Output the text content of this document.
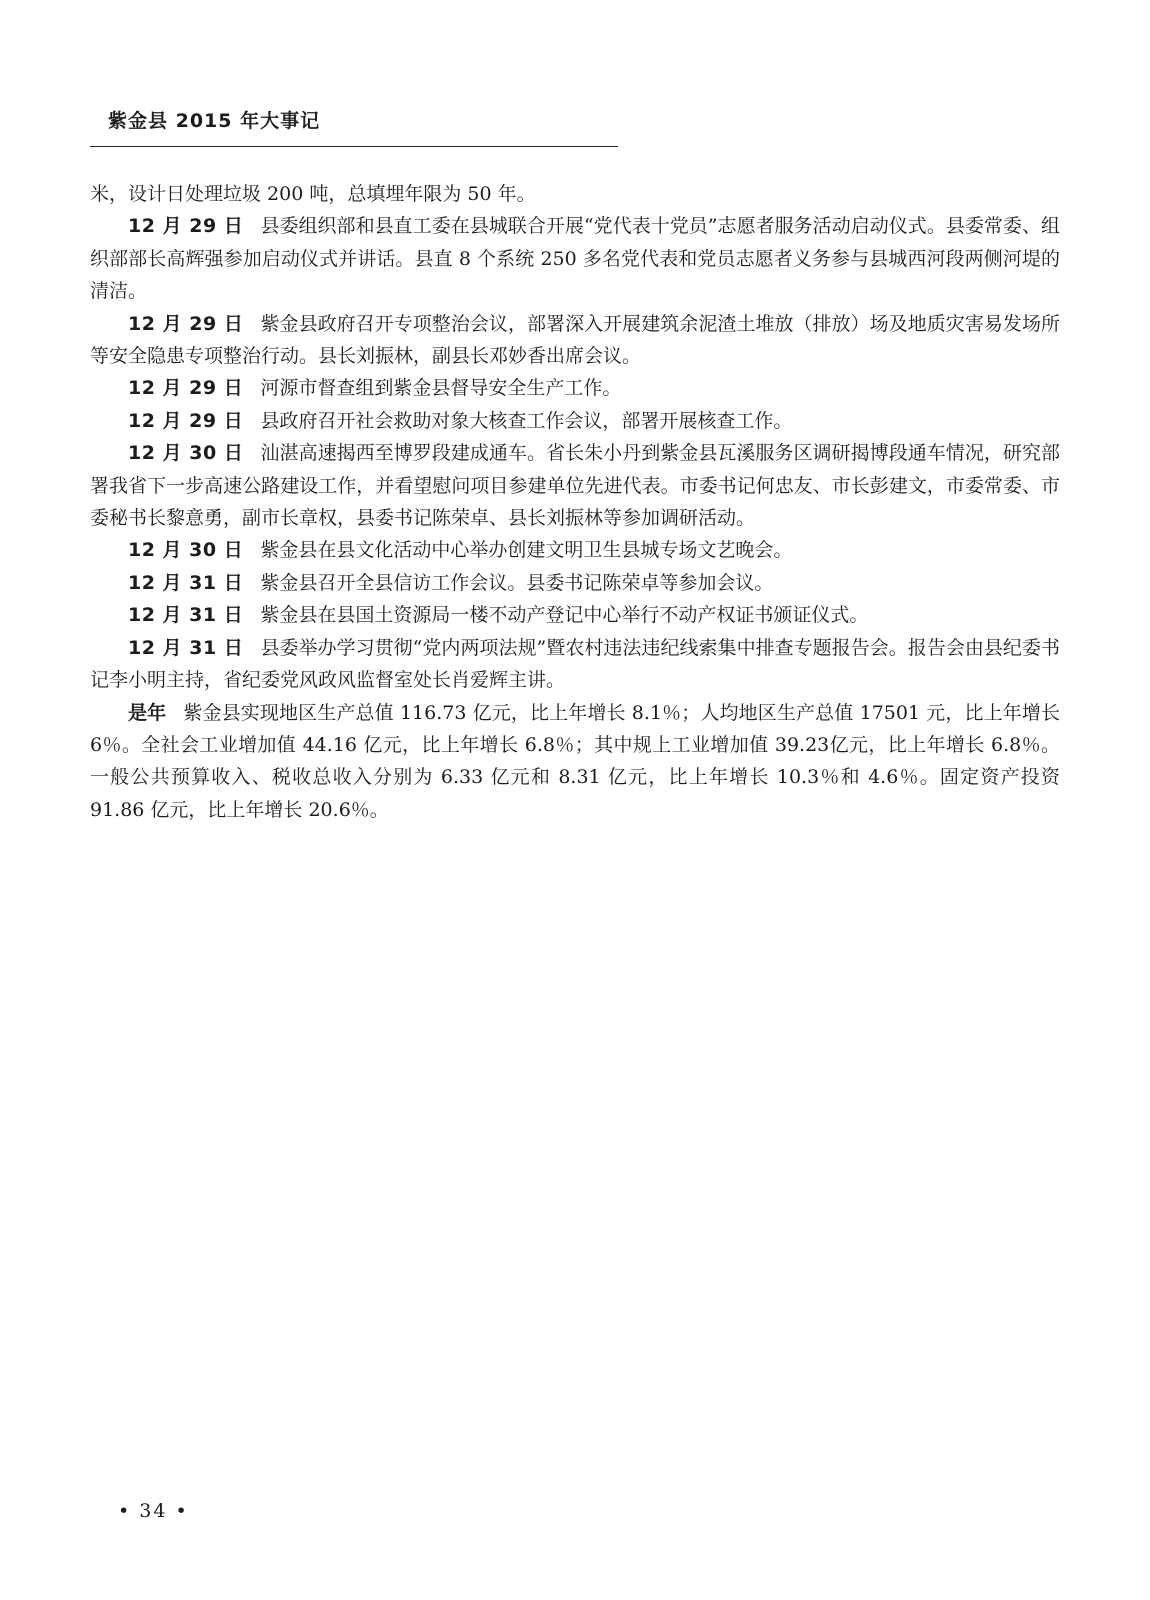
紫金县 2015 年大事记

米，设计日处理垃圾 200 吨，总填埋年限为 50 年。

12 月 29 日 县委组织部和县直工委在县城联合开展“党代表十党员”志愿者服务活动启动仪式。县委常委、组织部部长高辉强参加启动仪式并讲话。县直 8 个系统 250 多名党代表和党员志愿者义务参与县城西河段两侧河堤的清洁。

12 月 29 日 紫金县政府召开专项整治会议，部署深入开展建筑余泥渣土堆放（排放）场及地质灾害易发场所等安全隐患专项整治行动。县长刘振林，副县长邓妙香出席会议。

12 月 29 日 河源市督查组到紫金县督导安全生产工作。

12 月 29 日 县政府召开社会救助对象大核查工作会议，部署开展核查工作。

12 月 30 日 汕湛高速揭西至博罗段建成通车。省长朱小丹到紫金县瓦溪服务区调研揭博段通车情况，研究部署我省下一步高速公路建设工作，并看望慰问项目参建单位先进代表。市委书记何忠友、市长彭建文，市委常委、市委秘书长黎意勇，副市长章权，县委书记陈荣卓、县长刘振林等参加调研活动。

12 月 30 日 紫金县在县文化活动中心举办创建文明卫生县城专场文艺晚会。

12 月 31 日 紫金县召开全县信访工作会议。县委书记陈荣卓等参加会议。

12 月 31 日 紫金县在县国土资源局一楼不动产登记中心举行不动产权证书颁证仪式。

12 月 31 日 县委举办学习贯彻“党内两项法规”暨农村违法违纪线索集中排查专题报告会。报告会由县纪委书记李小明主持，省纪委党风政风监督室处长肖爱辉主讲。

是年 紫金县实现地区生产总值 116.73 亿元，比上年增长 8.1％；人均地区生产总值 17501 元，比上年增长 6％。全社会工业增加值 44.16 亿元，比上年增长 6.8％；其中规上工业增加值 39.23亿元，比上年增长 6.8％。一般公共预算收入、税收总收入分别为 6.33 亿元和 8.31 亿元，比上年增长 10.3％和 4.6％。固定资产投资 91.86 亿元，比上年增长 20.6％。

• 34 •
